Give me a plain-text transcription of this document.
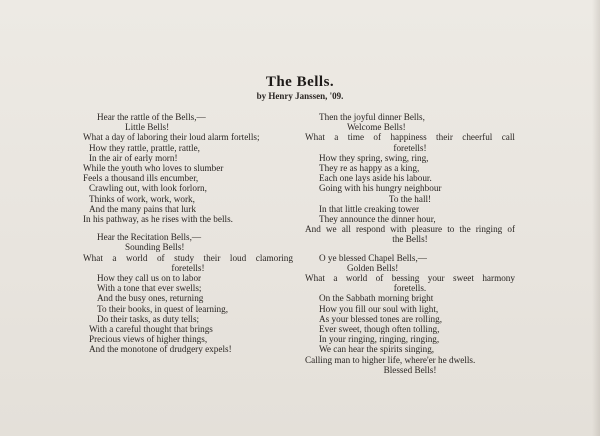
The Bells.
by Henry Janssen, '09.
Hear the rattle of the Bells,—
Little Bells!
What a day of laboring their loud alarm fortells;
How they rattle, prattle, rattle,
In the air of early morn!
While the youth who loves to slumber
Feels a thousand ills encumber,
Crawling out, with look forlorn,
Thinks of work, work, work,
And the many pains that lurk
In his pathway, as he rises with the bells.
Hear the Recitation Bells,—
Sounding Bells!
What a world of study their loud clamoring
foretells!
How they call us on to labor
With a tone that ever swells;
And the busy ones, returning
To their books, in quest of learning,
Do their tasks, as duty tells;
With a careful thought that brings
Precious views of higher things,
And the monotone of drudgery expels!
Then the joyful dinner Bells,
Welcome Bells!
What a time of happiness their cheerful call
foretells!
How they spring, swing, ring,
They re as happy as a king,
Each one lays aside his labour.
Going with his hungry neighbour
To the hall!
In that little creaking tower
They announce the dinner hour,
And we all respond with pleasure to the ringing of
the Bells!
O ye blessed Chapel Bells,—
Golden Bells!
What a world of bessing your sweet harmony
foretells.
On the Sabbath morning bright
How you fill our soul with light,
As your blessed tones are rolling,
Ever sweet, though often tolling,
In your ringing, ringing, ringing,
We can hear the spirits singing,
Calling man to higher life, where'er he dwells.
Blessed Bells!
